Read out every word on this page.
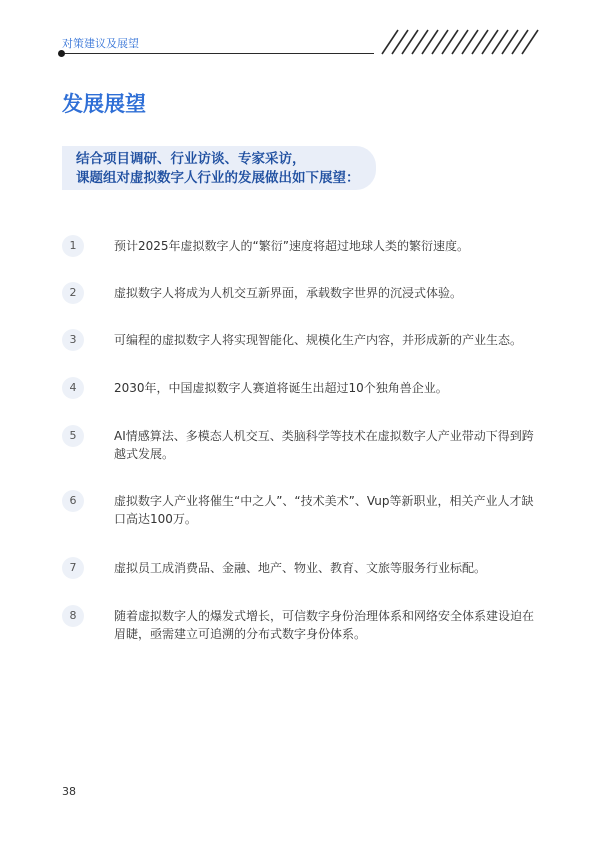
对策建议及展望
发展展望
结合项目调研、行业访谈、专家采访，
课题组对虚拟数字人行业的发展做出如下展望：
1	预计2025年虚拟数字人的“繁衍”速度将超过地球人类的繁衍速度。
2	虚拟数字人将成为人机交互新界面，承载数字世界的沉浸式体验。
3	可编程的虚拟数字人将实现智能化、规模化生产内容，并形成新的产业生态。
4	2030年，中国虚拟数字人赛道将诞生出超过10个独角兽企业。
5	AI情感算法、多模态人机交互、类脑科学等技术在虚拟数字人产业带动下得到跨越式发展。
6	虚拟数字人产业将催生“中之人”、“技术美术”、Vup等新职业，相关产业人才缺口高达100万。
7	虚拟员工成消费品、金融、地产、物业、教育、文旅等服务行业标配。
8	随着虚拟数字人的爆发式增长，可信数字身份治理体系和网络安全体系建设迫在眉睫，亟需建立可追溯的分布式数字身份体系。
38
